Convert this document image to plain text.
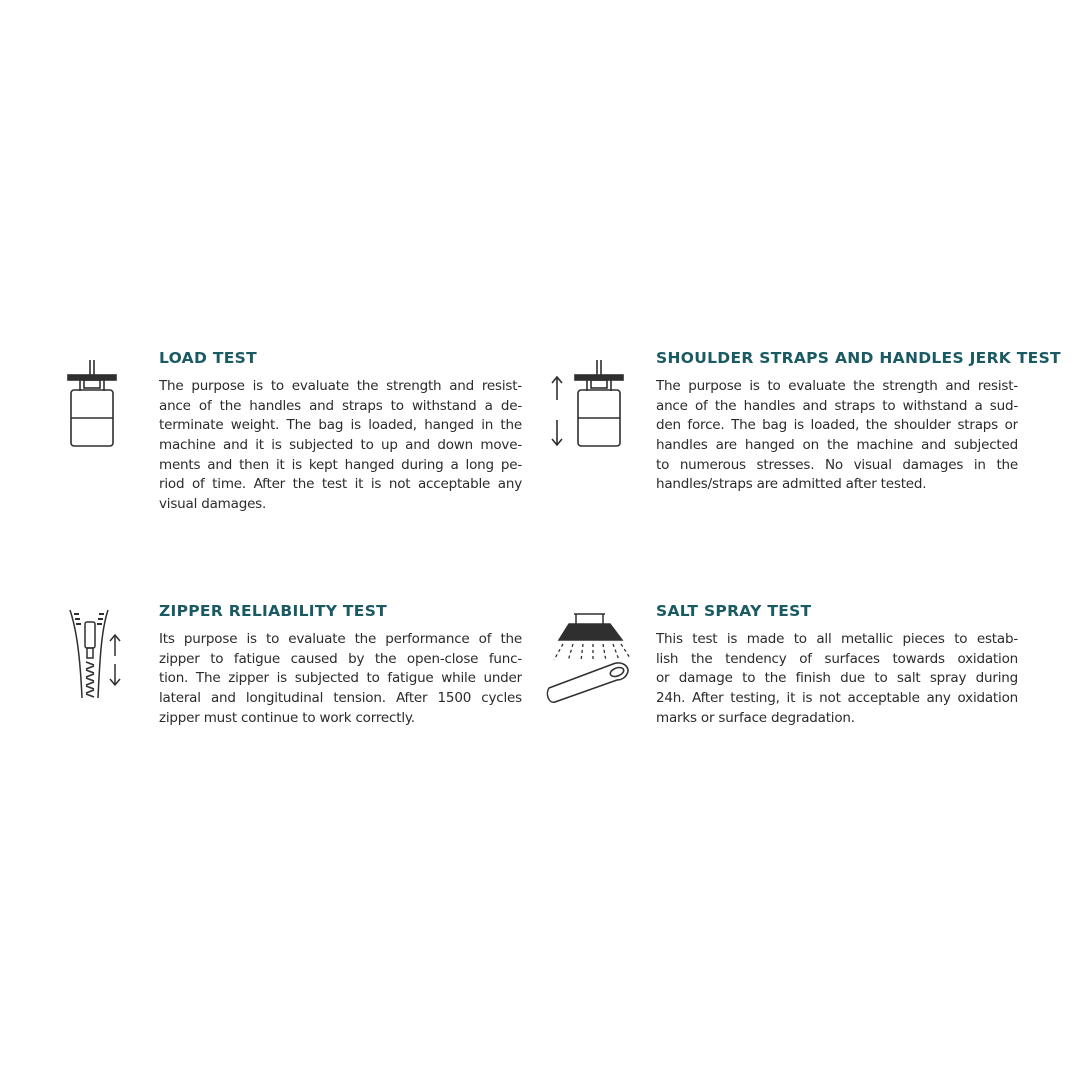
LOAD TEST

The purpose is to evaluate the strength and resist-
ance of the handles and straps to withstand a de-
terminate weight. The bag is loaded, hanged in the
machine and it is subjected to up and down move-
ments and then it is kept hanged during a long pe-
riod of time. After the test it is not acceptable any
visual damages.

SHOULDER STRAPS AND HANDLES JERK TEST

The purpose is to evaluate the strength and resist-
ance of the handles and straps to withstand a sud-
den force. The bag is loaded, the shoulder straps or
handles are hanged on the machine and subjected
to numerous stresses. No visual damages in the
handles/straps are admitted after tested.

ZIPPER RELIABILITY TEST

Its purpose is to evaluate the performance of the
zipper to fatigue caused by the open-close func-
tion. The zipper is subjected to fatigue while under
lateral and longitudinal tension. After 1500 cycles
zipper must continue to work correctly.

SALT SPRAY TEST

This test is made to all metallic pieces to estab-
lish the tendency of surfaces towards oxidation
or damage to the finish due to salt spray during
24h. After testing, it is not acceptable any oxidation
marks or surface degradation.
